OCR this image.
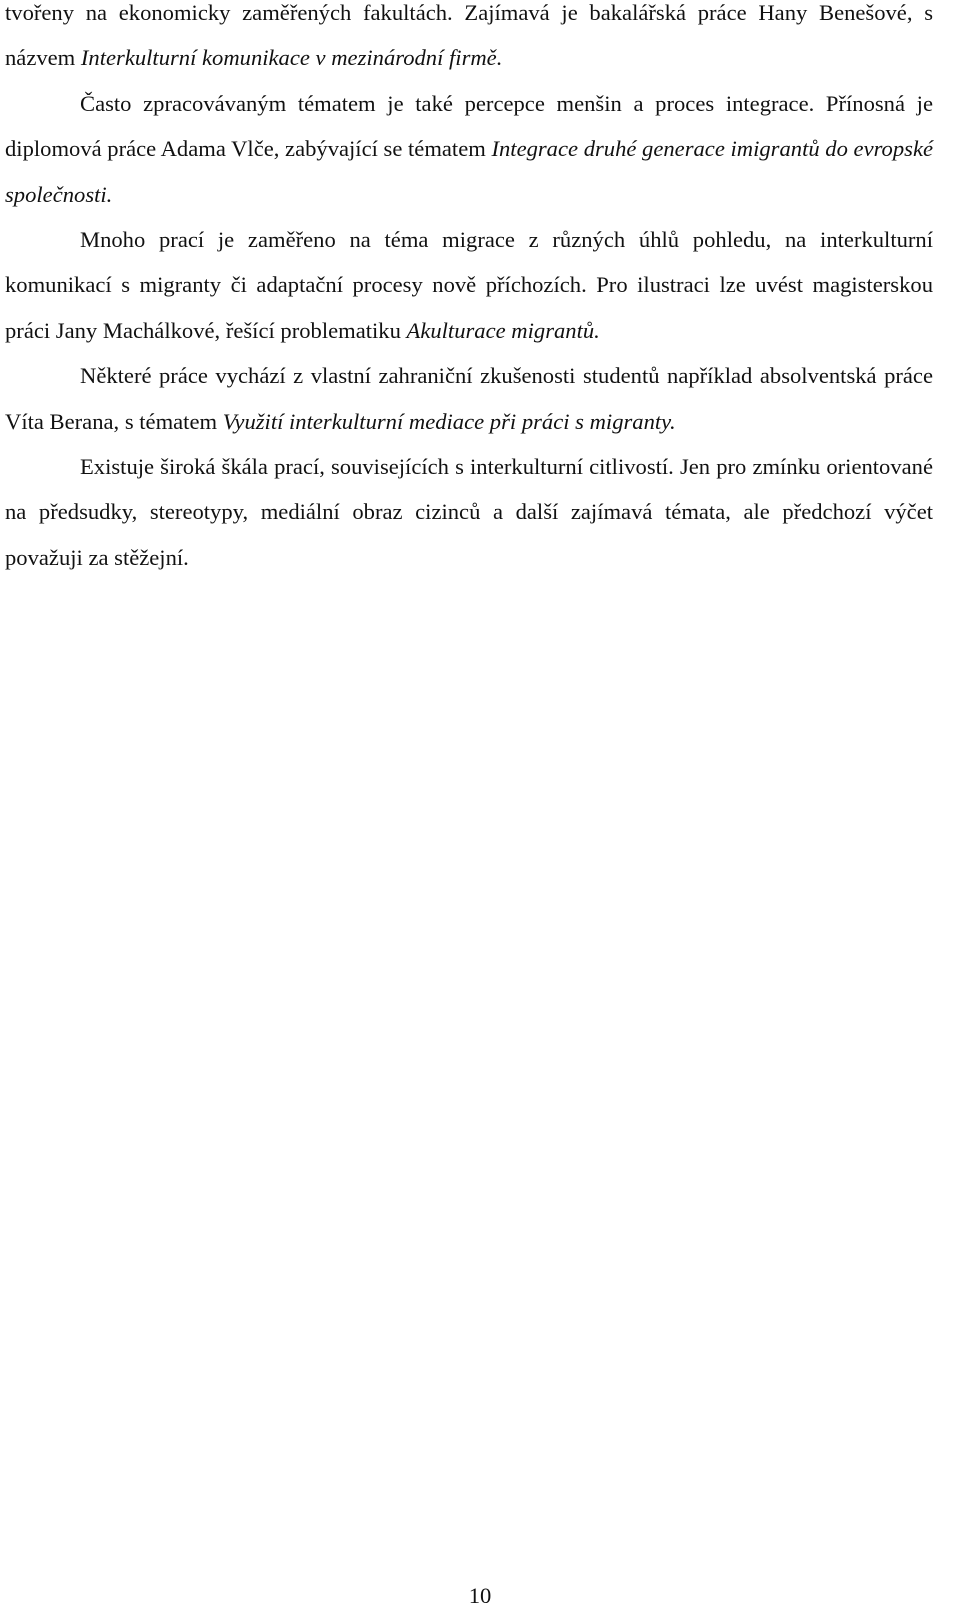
tvořeny na ekonomicky zaměřených fakultách. Zajímavá je bakalářská práce Hany Benešové, s názvem Interkulturní komunikace v mezinárodní firmě.

Často zpracovávaným tématem je také percepce menšin a proces integrace. Přínosná je diplomová práce Adama Vlče, zabývající se tématem Integrace druhé generace imigrantů do evropské společnosti.

Mnoho prací je zaměřeno na téma migrace z různých úhlů pohledu, na interkulturní komunikací s migranty či adaptační procesy nově příchozích. Pro ilustraci lze uvést magisterskou práci Jany Machálkové, řešící problematiku Akulturace migrantů.

Některé práce vychází z vlastní zahraniční zkušenosti studentů například absolventská práce Víta Berana, s tématem Využití interkulturní mediace při práci s migranty.

Existuje široká škála prací, souvisejících s interkulturní citlivostí. Jen pro zmínku orientované na předsudky, stereotypy, mediální obraz cizinců a další zajímavá témata, ale předchozí výčet považuji za stěžejní.

10
